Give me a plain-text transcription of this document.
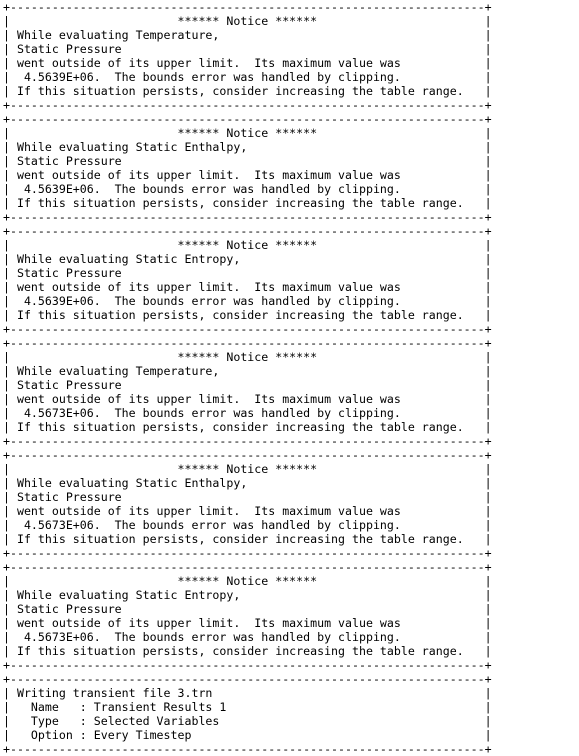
+--------------------------------------------------------------------+
|                        ****** Notice ******                        |
| While evaluating Temperature,                                      |
| Static Pressure                                                    |
| went outside of its upper limit.  Its maximum value was            |
|  4.5639E+06.  The bounds error was handled by clipping.            |
| If this situation persists, consider increasing the table range.   |
+--------------------------------------------------------------------+
+--------------------------------------------------------------------+
|                        ****** Notice ******                        |
| While evaluating Static Enthalpy,                                  |
| Static Pressure                                                    |
| went outside of its upper limit.  Its maximum value was            |
|  4.5639E+06.  The bounds error was handled by clipping.            |
| If this situation persists, consider increasing the table range.   |
+--------------------------------------------------------------------+
+--------------------------------------------------------------------+
|                        ****** Notice ******                        |
| While evaluating Static Entropy,                                   |
| Static Pressure                                                    |
| went outside of its upper limit.  Its maximum value was            |
|  4.5639E+06.  The bounds error was handled by clipping.            |
| If this situation persists, consider increasing the table range.   |
+--------------------------------------------------------------------+
+--------------------------------------------------------------------+
|                        ****** Notice ******                        |
| While evaluating Temperature,                                      |
| Static Pressure                                                    |
| went outside of its upper limit.  Its maximum value was            |
|  4.5673E+06.  The bounds error was handled by clipping.            |
| If this situation persists, consider increasing the table range.   |
+--------------------------------------------------------------------+
+--------------------------------------------------------------------+
|                        ****** Notice ******                        |
| While evaluating Static Enthalpy,                                  |
| Static Pressure                                                    |
| went outside of its upper limit.  Its maximum value was            |
|  4.5673E+06.  The bounds error was handled by clipping.            |
| If this situation persists, consider increasing the table range.   |
+--------------------------------------------------------------------+
+--------------------------------------------------------------------+
|                        ****** Notice ******                        |
| While evaluating Static Entropy,                                   |
| Static Pressure                                                    |
| went outside of its upper limit.  Its maximum value was            |
|  4.5673E+06.  The bounds error was handled by clipping.            |
| If this situation persists, consider increasing the table range.   |
+--------------------------------------------------------------------+
+--------------------------------------------------------------------+
| Writing transient file 3.trn                                       |
|   Name   : Transient Results 1                                     |
|   Type   : Selected Variables                                      |
|   Option : Every Timestep                                          |
+--------------------------------------------------------------------+
